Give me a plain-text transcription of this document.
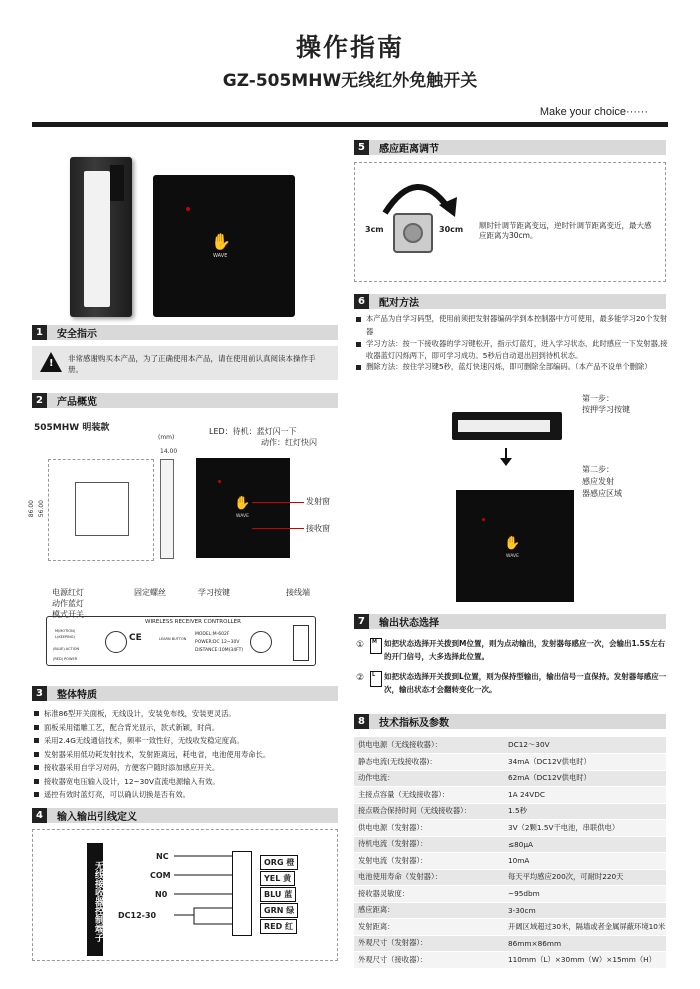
操作指南
GZ-505MHW无线红外免触开关
Make your choice······
✋
WAVE
1	安全指示
! 非常感谢购买本产品，为了正确使用本产品，请在使用前认真阅读本操作手册。
2	产品概览
505MHW 明装款
(mm)
14.00
86.00 56.00
LED：待机：蓝灯闪一下
动作：红灯快闪
✋
WAVE
发射窗
接收窗
电源红灯
动作蓝灯
模式开关
固定螺丝	学习按键	接线端
WIRELESS RECEIVER CONTROLLER
M(MOTION)
L(KEEPING)
(BLUE) ACTION
(RED) POWER
CE	LEARN BUTTON
MODEL:M-602F
POWER:DC 12~30V
DISTANCE:10M(34FT)
3	整体特质
标准86型开关面板，无线设计，安装免布线，安装更灵活。
面板采用镭雕工艺，配合背光显示，款式新颖，时尚。
采用2.4G无线通信技术，频率一致性好，无线收发稳定度高。
发射器采用低功耗发射技术，发射距离远，耗电省，电池使用寿命长。
接收器采用自学习对码，方便客户随时添加感应开关。
接收器宽电压输入设计，12~30V直流电源输入有效。
遥控有效时蓝灯亮，可以确认切换是否有效。
4	输入输出引线定义
无线接收器控制端子
NC
COM
N0
DC12-30
ORG 橙
YEL 黄
BLU 蓝
GRN 绿
RED 红
5	感应距离调节
3cm	30cm 顺时针调节距离变远，逆时针调节距离变近，最大感应距离为30cm。
6	配对方法
本产品为自学习码型，使用前须把发射器编码学到本控制器中方可使用，最多能学习20个发射器
学习方法：按一下接收器的学习键松开，指示灯蓝灯，进入学习状态，此时感应一下发射器,接收器蓝灯闪烁两下，即可学习成功。5秒后自动退出回到待机状态。
删除方法：按住学习键5秒，蓝灯快速闪烁，即可删除全部编码。（本产品不设单个删除）
第一步：
按押学习按键
第二步：
感应发射
器感应区域
✋
WAVE
7	输出状态选择
①	M 如把状态选择开关拨到M位置，则为点动输出，发射器每感应一次，会输出1.5S左右的开门信号，大多选择此位置。
②	L	如把状态选择开关拨到L位置，则为保持型输出，输出信号一直保持。发射器每感应一次，输出状态才会翻转变化一次。
8	技术指标及参数
供电电源（无线接收器）：	DC12～30V
静态电流(无线接收器)：	34mA（DC12V供电时）
动作电流：	62mA（DC12V供电时）
主接点容量（无线接收器）：	1A 24VDC
接点吸合保持时间（无线接收器）：	1.5秒
供电电源（发射器）：	3V（2颗1.5V干电池，串联供电）
待机电流（发射器）：	≤80μA
发射电流（发射器）：	10mA
电池使用寿命（发射器）：	每天平均感应200次，可耐时220天
接收器灵敏度：	~95dbm
感应距离：	3-30cm
发射距离：	开阔区域超过30米，隔墙或者金属屏蔽环境10米
外观尺寸（发射器）：	86mm×86mm
外观尺寸（接收器）：	110mm（L）×30mm（W）×15mm（H）
